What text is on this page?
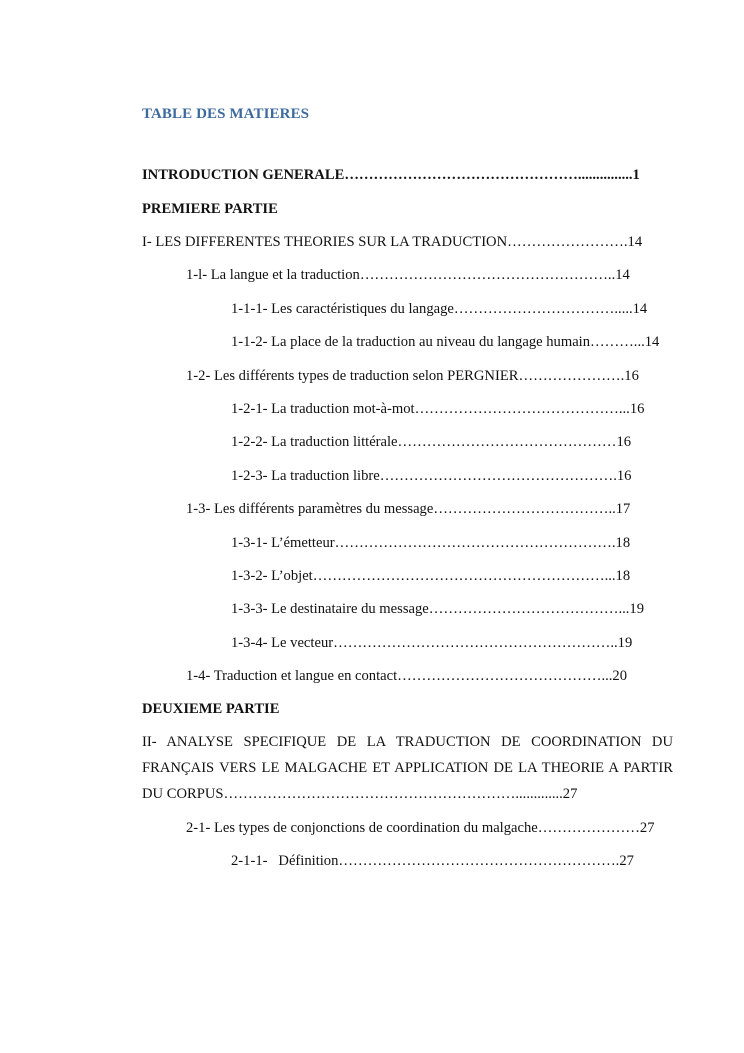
TABLE DES MATIERES
INTRODUCTION GENERALE…………………………………………...............1
PREMIERE PARTIE
I- LES DIFFERENTES THEORIES SUR LA TRADUCTION…………………….14
1-l- La langue et la traduction……………………………………………..14
1-1-1- Les caractéristiques du langage…………………………….....14
1-1-2- La place de la traduction au niveau du langage humain………...14
1-2- Les différents types de traduction selon PERGNIER………………….16
1-2-1- La traduction mot-à-mot……………………………………...16
1-2-2- La traduction littérale………………………………………16
1-2-3- La traduction libre………………………………………….16
1-3- Les différents paramètres du message………………………………..17
1-3-1- L’émetteur………………………………………………….18
1-3-2- L’objet……………………………………………………...18
1-3-3- Le destinataire du message…………………………………...19
1-3-4- Le vecteur…………………………………………………..19
1-4- Traduction et langue en contact……………………………………...20
DEUXIEME PARTIE
II- ANALYSE SPECIFIQUE DE LA TRADUCTION DE COORDINATION DU FRANÇAIS VERS LE MALGACHE ET APPLICATION DE LA THEORIE A PARTIR DU CORPUS…………………………………………………….............27
2-1- Les types de conjonctions de coordination du malgache…………………27
2-1-1-   Définition………………………………………………….27
